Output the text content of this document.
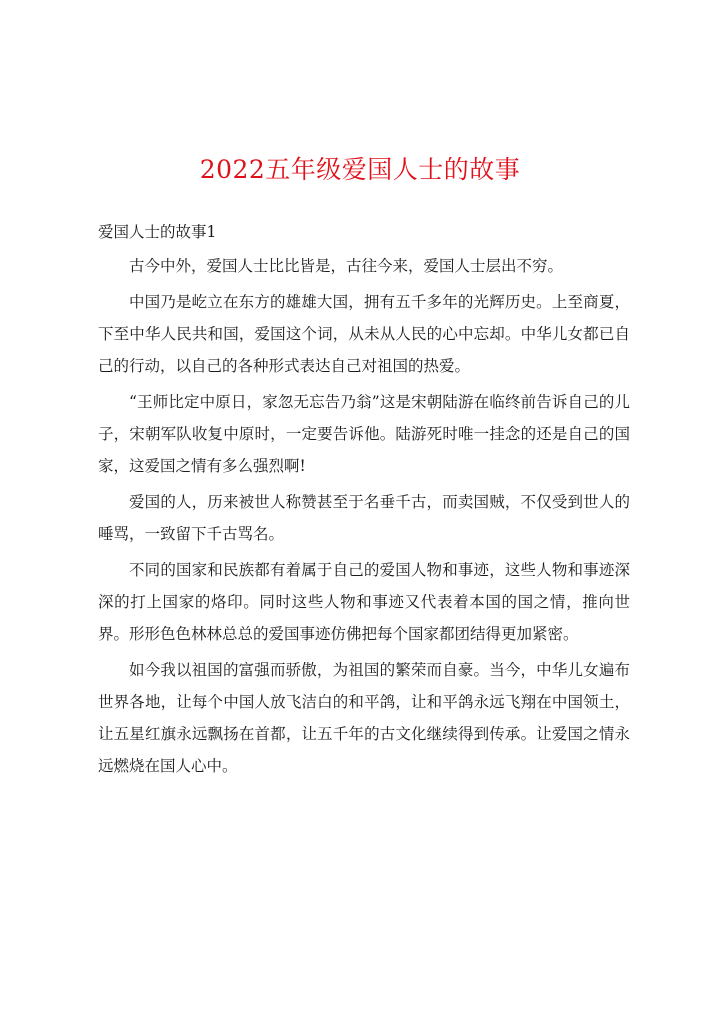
2022五年级爱国人士的故事
爱国人士的故事1

古今中外，爱国人士比比皆是，古往今来，爱国人士层出不穷。

中国乃是屹立在东方的雄雄大国，拥有五千多年的光辉历史。上至商夏，下至中华人民共和国，爱国这个词，从未从人民的心中忘却。中华儿女都已自己的行动，以自己的各种形式表达自己对祖国的热爱。

“王师比定中原日，家忽无忘告乃翁”这是宋朝陆游在临终前告诉自己的儿子，宋朝军队收复中原时，一定要告诉他。陆游死时唯一挂念的还是自己的国家，这爱国之情有多么强烈啊!

爱国的人，历来被世人称赞甚至于名垂千古，而卖国贼，不仅受到世人的唾骂，一致留下千古骂名。

不同的国家和民族都有着属于自己的爱国人物和事迹，这些人物和事迹深深的打上国家的烙印。同时这些人物和事迹又代表着本国的国之情，推向世界。形形色色林林总总的爱国事迹仿佛把每个国家都团结得更加紧密。

如今我以祖国的富强而骄傲，为祖国的繁荣而自豪。当今，中华儿女遍布世界各地，让每个中国人放飞洁白的和平鸽，让和平鸽永远飞翔在中国领土，让五星红旗永远飘扬在首都，让五千年的古文化继续得到传承。让爱国之情永远燃烧在国人心中。
